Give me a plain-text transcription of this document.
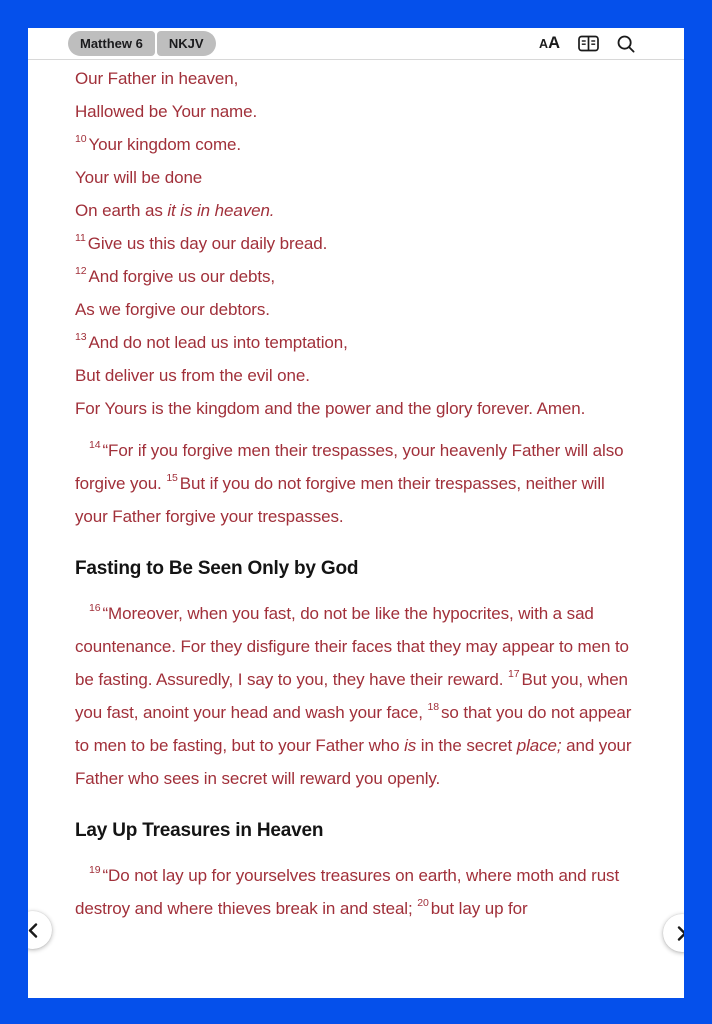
Matthew 6	NKJV	A A
Our Father in heaven,
Hallowed be Your name.
$^{10}$ Your kingdom come.
Your will be done
On earth as it is in heaven.
$^{11}$ Give us this day our daily bread.
$^{12}$ And forgive us our debts,
As we forgive our debtors.
$^{13}$ And do not lead us into temptation,
But deliver us from the evil one.
For Yours is the kingdom and the power and the glory forever. Amen.

$^{14}$ “For if you forgive men their trespasses, your heavenly Father will also forgive you. $^{15}$ But if you do not forgive men their trespasses, neither will your Father forgive your trespasses.

Fasting to Be Seen Only by God

$^{16}$ “Moreover, when you fast, do not be like the hypocrites, with a sad countenance. For they disfigure their faces that they may appear to men to be fasting. Assuredly, I say to you, they have their reward. $^{17}$ But you, when you fast, anoint your head and wash your face, $^{18}$ so that you do not appear to men to be fasting, but to your Father who is in the secret place; and your Father who sees in secret will reward you openly.

Lay Up Treasures in Heaven

$^{19}$ “Do not lay up for yourselves treasures on earth, where moth and rust destroy and where thieves break in and steal; $^{20}$ but lay up for
